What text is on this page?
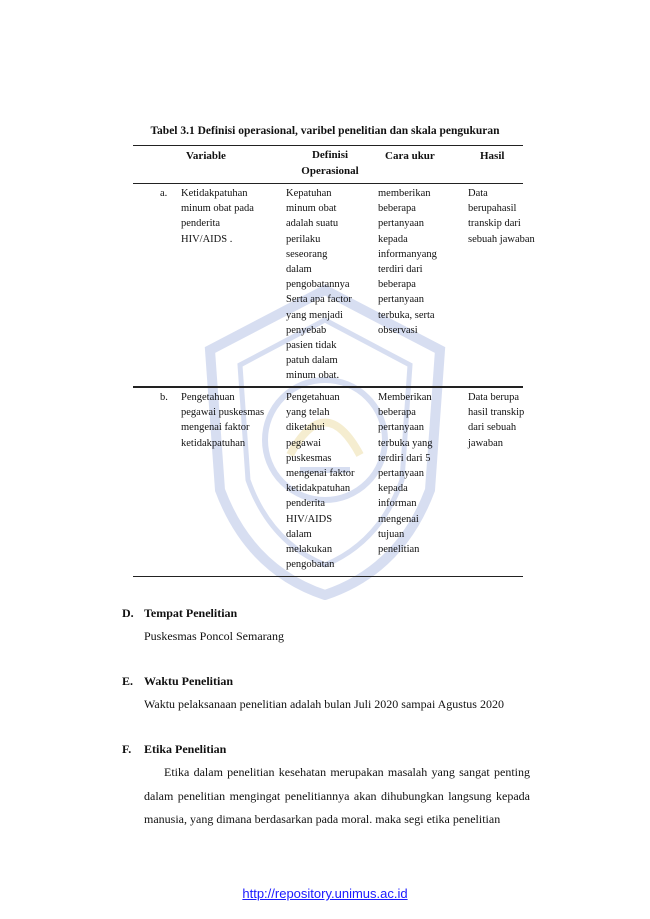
Tabel 3.1 Definisi operasional, varibel penelitian dan skala pengukuran
Variable	Definisi
Operasional
Cara ukur	Hasil
a. Ketidakpatuhan
minum obat pada
penderita
HIV/AIDS .
Kepatuhan
minum obat
adalah suatu
perilaku
seseorang
dalam
pengobatannya
Serta apa factor
yang menjadi
penyebab
pasien tidak
patuh dalam
minum obat.
memberikan
beberapa
pertanyaan
kepada
informanyang
terdiri dari
beberapa
pertanyaan
terbuka, serta
observasi
Data
berupahasil
transkip dari
sebuah jawaban
b. Pengetahuan
pegawai puskesmas
mengenai faktor
ketidakpatuhan
Pengetahuan
yang telah
diketahui
pegawai
puskesmas
mengenai faktor
ketidakpatuhan
penderita
HIV/AIDS
dalam
melakukan
pengobatan
Memberikan
beberapa
pertanyaan
terbuka yang
terdiri dari 5
pertanyaan
kepada
informan
mengenai
tujuan
penelitian
Data berupa
hasil transkip
dari sebuah
jawaban
D. Tempat Penelitian
Puskesmas Poncol Semarang
E. Waktu Penelitian
Waktu pelaksanaan penelitian adalah bulan Juli 2020 sampai Agustus 2020
F. Etika Penelitian
Etika dalam penelitian kesehatan merupakan masalah yang sangat penting dalam penelitian mengingat penelitiannya akan dihubungkan langsung kepada manusia, yang dimana berdasarkan pada moral. maka segi etika penelitian
http://repository.unimus.ac.id
